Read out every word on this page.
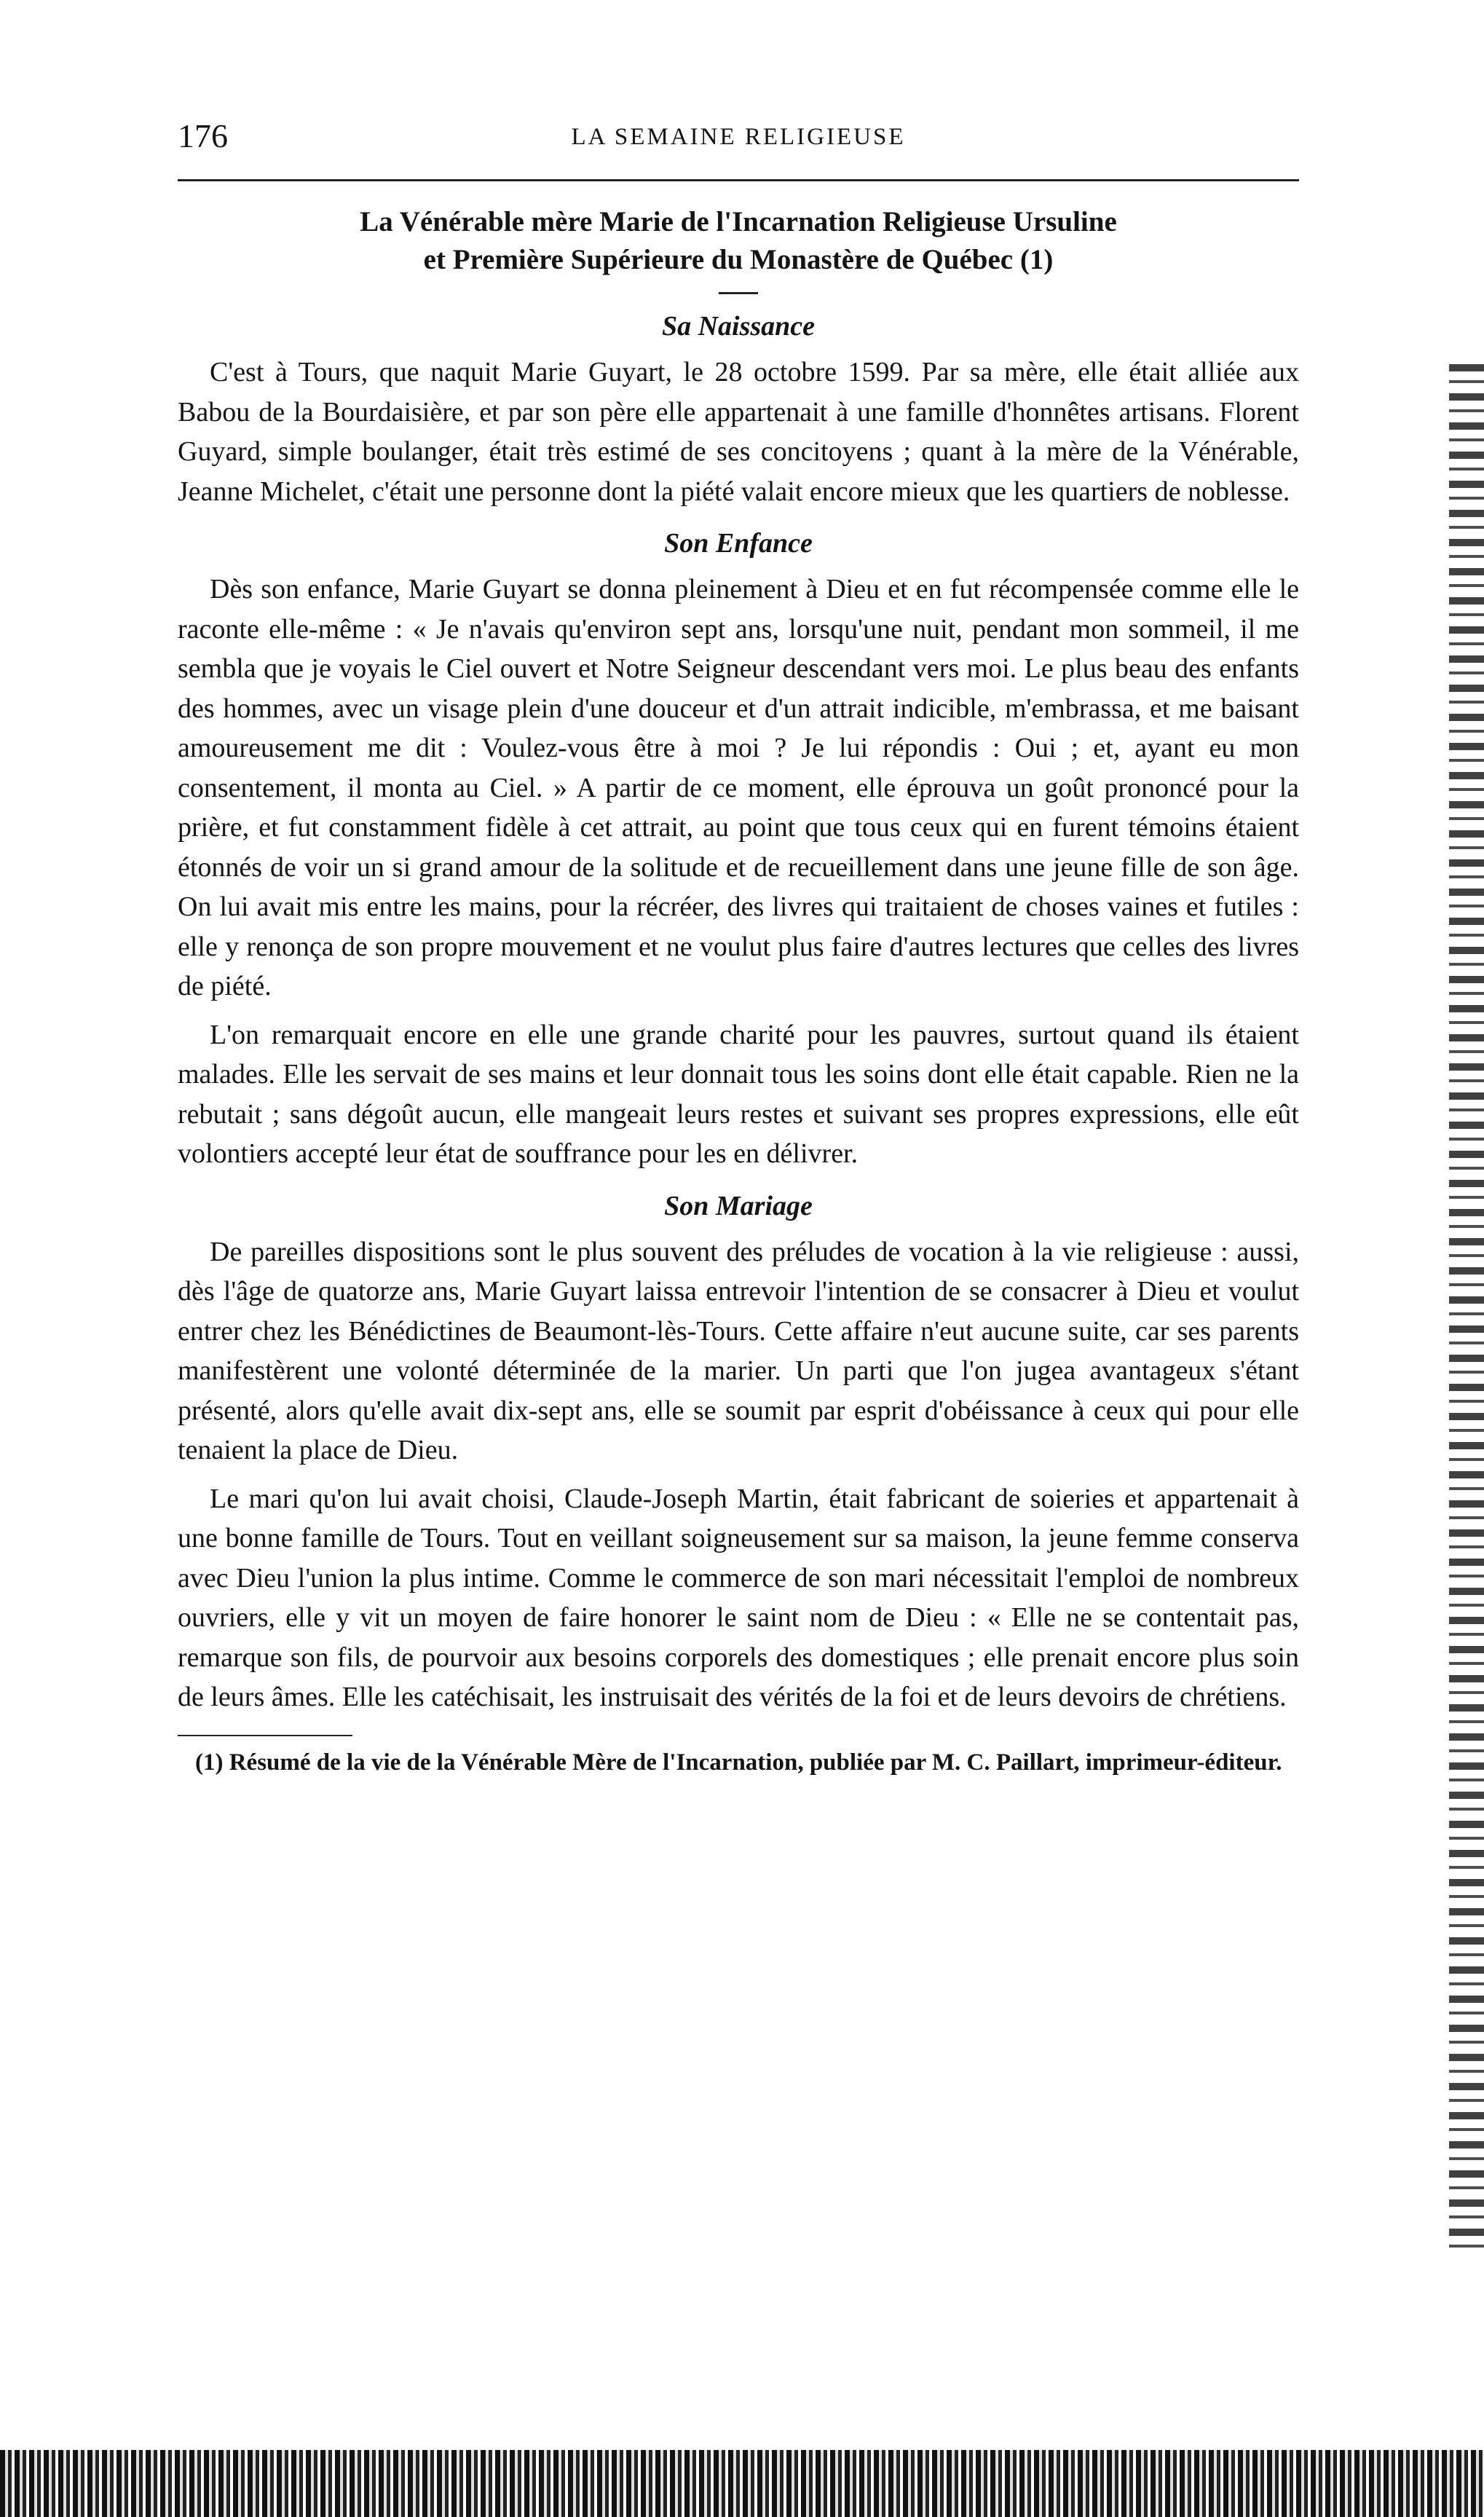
176	LA SEMAINE RELIGIEUSE
La Vénérable mère Marie de l'Incarnation Religieuse Ursuline
et Première Supérieure du Monastère de Québec (1)
Sa Naissance

C'est à Tours, que naquit Marie Guyart, le 28 octobre 1599. Par sa mère, elle était alliée aux Babou de la Bourdaisière, et par son père elle appartenait à une famille d'honnêtes artisans. Florent Guyard, simple boulanger, était très estimé de ses concitoyens ; quant à la mère de la Vénérable, Jeanne Michelet, c'était une personne dont la piété valait encore mieux que les quartiers de noblesse.

Son Enfance

Dès son enfance, Marie Guyart se donna pleinement à Dieu et en fut récompensée comme elle le raconte elle-même : « Je n'avais qu'environ sept ans, lorsqu'une nuit, pendant mon sommeil, il me sembla que je voyais le Ciel ouvert et Notre Seigneur descendant vers moi. Le plus beau des enfants des hommes, avec un visage plein d'une douceur et d'un attrait indicible, m'embrassa, et me baisant amoureusement me dit : Voulez-vous être à moi ? Je lui répondis : Oui ; et, ayant eu mon consentement, il monta au Ciel. » A partir de ce moment, elle éprouva un goût prononcé pour la prière, et fut constamment fidèle à cet attrait, au point que tous ceux qui en furent témoins étaient étonnés de voir un si grand amour de la solitude et de recueillement dans une jeune fille de son âge. On lui avait mis entre les mains, pour la récréer, des livres qui traitaient de choses vaines et futiles : elle y renonça de son propre mouvement et ne voulut plus faire d'autres lectures que celles des livres de piété.

L'on remarquait encore en elle une grande charité pour les pauvres, surtout quand ils étaient malades. Elle les servait de ses mains et leur donnait tous les soins dont elle était capable. Rien ne la rebutait ; sans dégoût aucun, elle mangeait leurs restes et suivant ses propres expressions, elle eût volontiers accepté leur état de souffrance pour les en délivrer.

Son Mariage

De pareilles dispositions sont le plus souvent des préludes de vocation à la vie religieuse : aussi, dès l'âge de quatorze ans, Marie Guyart laissa entrevoir l'intention de se consacrer à Dieu et voulut entrer chez les Bénédictines de Beaumont-lès-Tours. Cette affaire n'eut aucune suite, car ses parents manifestèrent une volonté déterminée de la marier. Un parti que l'on jugea avantageux s'étant présenté, alors qu'elle avait dix-sept ans, elle se soumit par esprit d'obéissance à ceux qui pour elle tenaient la place de Dieu.

Le mari qu'on lui avait choisi, Claude-Joseph Martin, était fabricant de soieries et appartenait à une bonne famille de Tours. Tout en veillant soigneusement sur sa maison, la jeune femme conserva avec Dieu l'union la plus intime. Comme le commerce de son mari nécessitait l'emploi de nombreux ouvriers, elle y vit un moyen de faire honorer le saint nom de Dieu : « Elle ne se contentait pas, remarque son fils, de pourvoir aux besoins corporels des domestiques ; elle prenait encore plus soin de leurs âmes. Elle les catéchisait, les instruisait des vérités de la foi et de leurs devoirs de chrétiens.

(1) Résumé de la vie de la Vénérable Mère de l'Incarnation, publiée par M. C. Paillart, imprimeur-éditeur.
